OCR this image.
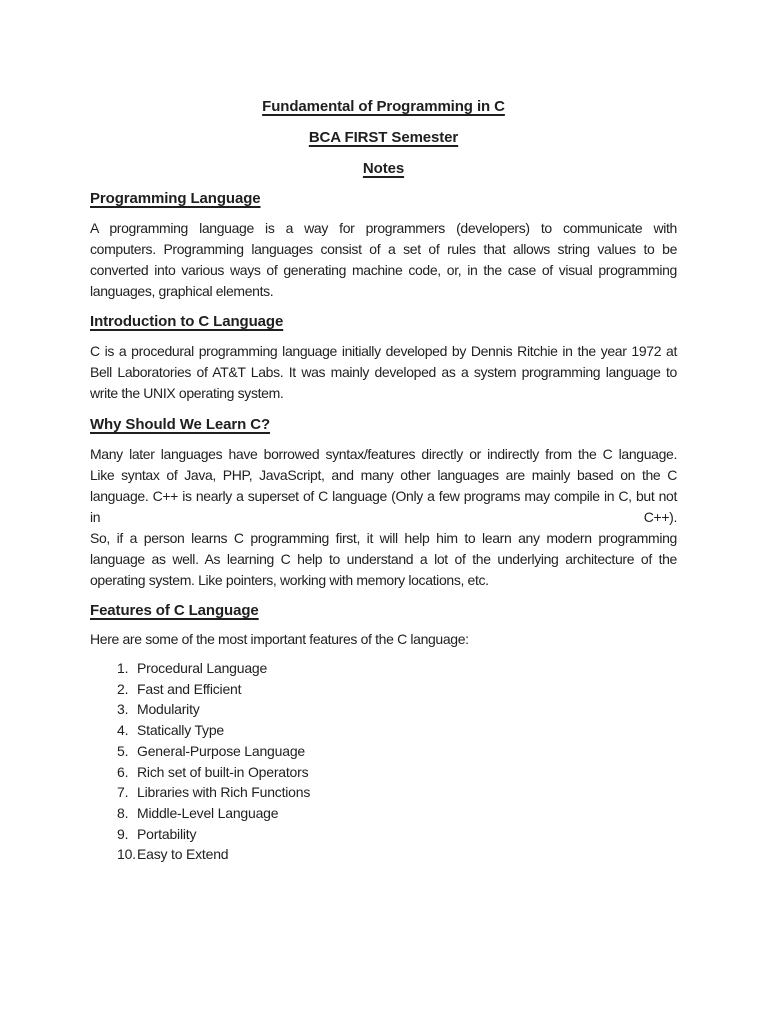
Fundamental of Programming in C
BCA FIRST Semester
Notes
Programming Language
A programming language is a way for programmers (developers) to communicate with
computers. Programming languages consist of a set of rules that allows string values to be
converted into various ways of generating machine code, or, in the case of visual programming
languages, graphical elements.
Introduction to C Language
C is a procedural programming language initially developed by Dennis Ritchie in the year 1972 at
Bell Laboratories of AT&T Labs. It was mainly developed as a system programming language to
write the UNIX operating system.
Why Should We Learn C?
Many later languages have borrowed syntax/features directly or indirectly from the C language.
Like syntax of Java, PHP, JavaScript, and many other languages are mainly based on the C
language. C++ is nearly a superset of C language (Only a few programs may compile in C, but not
in C++).
So, if a person learns C programming first, it will help him to learn any modern programming
language as well. As learning C help to understand a lot of the underlying architecture of the
operating system. Like pointers, working with memory locations, etc.
Features of C Language
Here are some of the most important features of the C language:
1. Procedural Language
2. Fast and Efficient
3. Modularity
4. Statically Type
5. General-Purpose Language
6. Rich set of built-in Operators
7. Libraries with Rich Functions
8. Middle-Level Language
9. Portability
10. Easy to Extend
